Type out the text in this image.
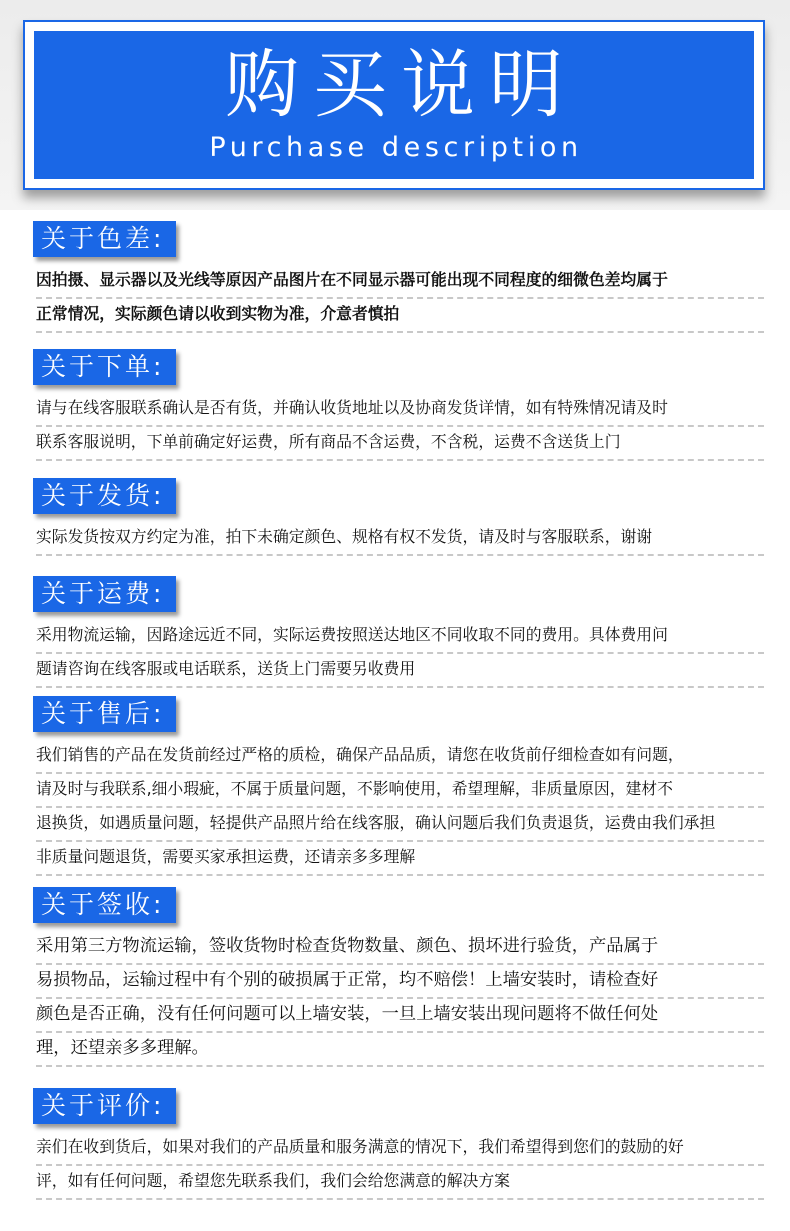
购买说明
Purchase description
关于色差:
因拍摄、显示器以及光线等原因产品图片在不同显示器可能出现不同程度的细微色差均属于
正常情况，实际颜色请以收到实物为准，介意者慎拍
关于下单:
请与在线客服联系确认是否有货，并确认收货地址以及协商发货详情，如有特殊情况请及时
联系客服说明，下单前确定好运费，所有商品不含运费，不含税，运费不含送货上门
关于发货:
实际发货按双方约定为准，拍下未确定颜色、规格有权不发货，请及时与客服联系，谢谢
关于运费:
采用物流运输，因路途远近不同，实际运费按照送达地区不同收取不同的费用。具体费用问
题请咨询在线客服或电话联系，送货上门需要另收费用
关于售后:
我们销售的产品在发货前经过严格的质检，确保产品品质，请您在收货前仔细检查如有问题，
请及时与我联系,细小瑕疵，不属于质量问题，不影响使用，希望理解，非质量原因，建材不
退换货，如遇质量问题，轻提供产品照片给在线客服，确认问题后我们负责退货，运费由我们承担
非质量问题退货，需要买家承担运费，还请亲多多理解
关于签收:
采用第三方物流运输，签收货物时检查货物数量、颜色、损坏进行验货，产品属于
易损物品，运输过程中有个别的破损属于正常，均不赔偿！上墙安装时，请检查好
颜色是否正确，没有任何问题可以上墙安装，一旦上墙安装出现问题将不做任何处
理，还望亲多多理解。
关于评价:
亲们在收到货后，如果对我们的产品质量和服务满意的情况下，我们希望得到您们的鼓励的好
评，如有任何问题，希望您先联系我们，我们会给您满意的解决方案
